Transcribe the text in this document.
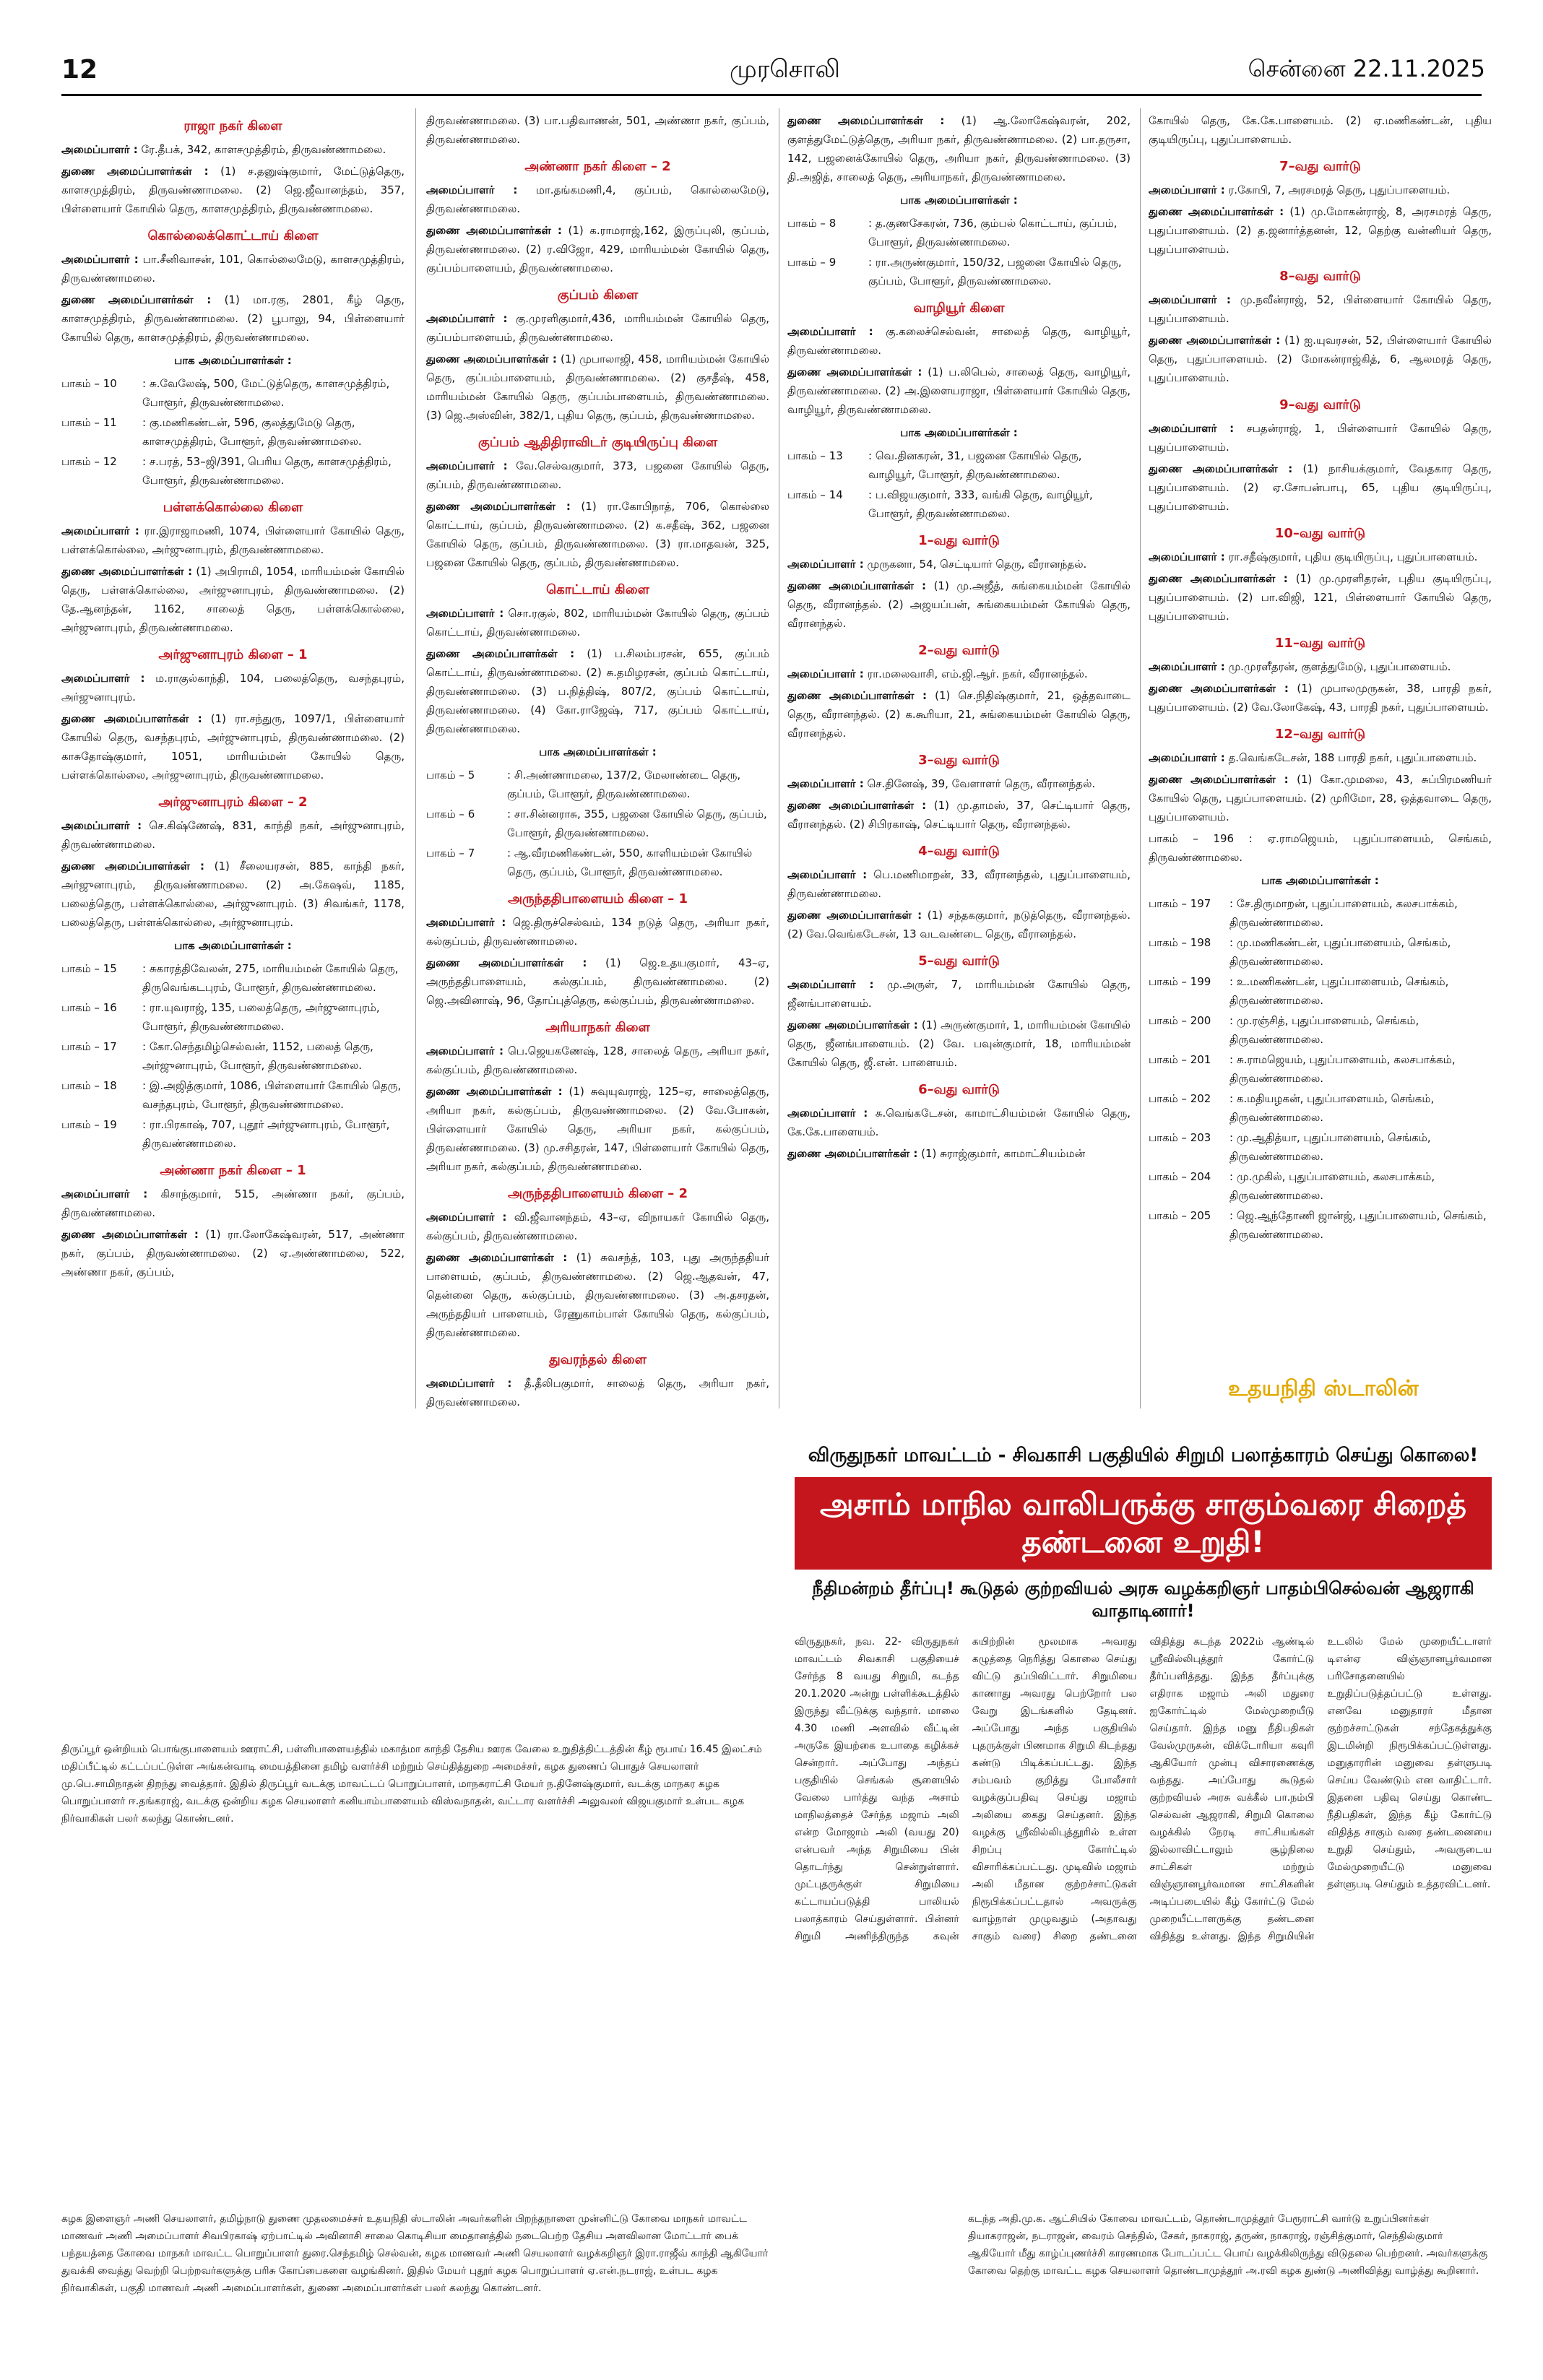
12	முரசொலி	சென்னை 22.11.2025
ராஜா நகர் கிளை
அமைப்பாளர் : ரே.தீபக், 342, காளசமுத்திரம், திருவண்ணாமலை.
துணை அமைப்பாளர்கள் : (1) ச.தனுஷ்குமார், மேட்டுத்தெரு, காளசமுத்திரம், திருவண்ணாமலை. (2) ஜெ.ஜீவானந்தம், 357, பிள்ளையார் கோயில் தெரு, காளசமுத்திரம், திருவண்ணாமலை.
கொல்லைக்கொட்டாய் கிளை
அமைப்பாளர் : பா.சீனிவாசன், 101, கொல்லைமேடு, காளசமுத்திரம், திருவண்ணாமலை.
துணை அமைப்பாளர்கள் : (1) மா.ரகு, 2801, கீழ் தெரு, காளசமுத்திரம், திருவண்ணாமலை. (2) பூபாலு, 94, பிள்ளையார் கோயில் தெரு, காளசமுத்திரம், திருவண்ணாமலை.
பாக அமைப்பாளர்கள் :
பாகம் – 10	: சு.வேலேஷ், 500, மேட்டுத்தெரு, காளசமுத்திரம், போளூர், திருவண்ணாமலை.
பாகம் – 11	: கு.மணிகண்டன், 596, குலத்துமேடு தெரு, காளசமுத்திரம், போளூர், திருவண்ணாமலை.
பாகம் – 12	: ச.பரத், 53–ஜி/391, பெரிய தெரு, காளசமுத்திரம், போளூர், திருவண்ணாமலை.
பள்ளக்கொல்லை கிளை
அமைப்பாளர் : ரா.இராஜாமணி, 1074, பிள்ளையார் கோயில் தெரு, பள்ளக்கொல்லை, அர்ஜுனாபுரம், திருவண்ணாமலை.
துணை அமைப்பாளர்கள் : (1) அபிராமி, 1054, மாரியம்மன் கோயில் தெரு, பள்ளக்கொல்லை, அர்ஜுனாபுரம், திருவண்ணாமலை. (2) தே.ஆனந்தன், 1162, சாலைத் தெரு, பள்ளக்கொல்லை, அர்ஜுனாபுரம், திருவண்ணாமலை.
அர்ஜுனாபுரம் கிளை – 1
அமைப்பாளர் : ம.ராகுல்காந்தி, 104, பலைத்தெரு, வசந்தபுரம், அர்ஜுனாபுரம்.
துணை அமைப்பாளர்கள் : (1) ரா.சந்துரு, 1097/1, பிள்ளையார் கோயில் தெரு, வசந்தபுரம், அர்ஜுனாபுரம், திருவண்ணாமலை. (2) காசுதோஷ்குமார், 1051, மாரியம்மன் கோயில் தெரு, பள்ளக்கொல்லை, அர்ஜுனாபுரம், திருவண்ணாமலை.
அர்ஜுனாபுரம் கிளை – 2
அமைப்பாளர் : செ.கிஷ்ணேஷ், 831, காந்தி நகர், அர்ஜுனாபுரம், திருவண்ணாமலை.
துணை அமைப்பாளர்கள் : (1) சீலையரசன், 885, காந்தி நகர், அர்ஜுனாபுரம், திருவண்ணாமலை. (2) அ.கேஷவ், 1185, பலைத்தெரு, பள்ளக்கொல்லை, அர்ஜுனாபுரம். (3) சிவங்கர், 1178, பலைத்தெரு, பள்ளக்கொல்லை, அர்ஜுனாபுரம்.
பாக அமைப்பாளர்கள் :
பாகம் – 15	: சுகாரத்திவேலன், 275, மாரியம்மன் கோயில் தெரு, திருவெங்கடபுரம், போளூர், திருவண்ணாமலை.
பாகம் – 16	: ரா.யுவராஜ், 135, பலைத்தெரு, அர்ஜுனாபுரம், போளூர், திருவண்ணாமலை.
பாகம் – 17	: கோ.செந்தமிழ்செல்வன், 1152, பலைத் தெரு, அர்ஜுனாபுரம், போளூர், திருவண்ணாமலை.
பாகம் – 18	: இ.அஜித்குமார், 1086, பிள்ளையார் கோயில் தெரு, வசந்தபுரம், போளூர், திருவண்ணாமலை.
பாகம் – 19	: ரா.பிரகாஷ், 707, புதூர் அர்ஜுனாபுரம், போளூர், திருவண்ணாமலை.
அண்ணா நகர் கிளை – 1
அமைப்பாளர் : கிசாந்குமார், 515, அண்ணா நகர், குப்பம், திருவண்ணாமலை.
துணை அமைப்பாளர்கள் : (1) ரா.லோகேஷ்வரன், 517, அண்ணா நகர், குப்பம், திருவண்ணாமலை. (2) ஏ.அண்ணாமலை, 522, அண்ணா நகர், குப்பம்,
திருவண்ணாமலை. (3) பா.பதிவாணன், 501, அண்ணா நகர், குப்பம், திருவண்ணாமலை.
அண்ணா நகர் கிளை – 2
அமைப்பாளர் : மா.தங்கமணி,4, குப்பம், கொல்லைமேடு, திருவண்ணாமலை.
துணை அமைப்பாளர்கள் : (1) க.ராமராஜ்,162, இருப்புலி, குப்பம், திருவண்ணாமலை. (2) ர.விஜோ, 429, மாரியம்மன் கோயில் தெரு, குப்பம்பாளையம், திருவண்ணாமலை.
குப்பம் கிளை
அமைப்பாளர் : கு.முரளிகுமார்,436, மாரியம்மன் கோயில் தெரு, குப்பம்பாளையம், திருவண்ணாமலை.
துணை அமைப்பாளர்கள் : (1) முபாலாஜி, 458, மாரியம்மன் கோயில் தெரு, குப்பம்பாளையம், திருவண்ணாமலை. (2) குசதீஷ், 458, மாரியம்மன் கோயில் தெரு, குப்பம்பாளையம், திருவண்ணாமலை. (3) ஜெ.அஸ்வின், 382/1, புதிய தெரு, குப்பம், திருவண்ணாமலை.
குப்பம் ஆதிதிராவிடர் குடியிருப்பு கிளை
அமைப்பாளர் : வே.செல்வகுமார், 373, பஜனை கோயில் தெரு, குப்பம், திருவண்ணாமலை.
துணை அமைப்பாளர்கள் : (1) ரா.கோபிநாத், 706, கொல்லை கொட்டாய், குப்பம், திருவண்ணாமலை. (2) க.சதீஷ், 362, பஜனை கோயில் தெரு, குப்பம், திருவண்ணாமலை. (3) ரா.மாதவன், 325, பஜனை கோயில் தெரு, குப்பம், திருவண்ணாமலை.
கொட்டாய் கிளை
அமைப்பாளர் : சொ.ரகுல், 802, மாரியம்மன் கோயில் தெரு, குப்பம் கொட்டாய், திருவண்ணாமலை.
துணை அமைப்பாளர்கள் : (1) ப.சிலம்பரசன், 655, குப்பம் கொட்டாய், திருவண்ணாமலை. (2) சு.தமிழரசன், குப்பம் கொட்டாய், திருவண்ணாமலை. (3) ப.நித்திஷ், 807/2, குப்பம் கொட்டாய், திருவண்ணாமலை. (4) கோ.ராஜேஷ், 717, குப்பம் கொட்டாய், திருவண்ணாமலை.
பாக அமைப்பாளர்கள் :
பாகம் – 5	: சி.அண்ணாமலை, 137/2, மேலாண்டை தெரு, குப்பம், போளூர், திருவண்ணாமலை.
பாகம் – 6	: சா.சின்னராசு, 355, பஜனை கோயில் தெரு, குப்பம், போளூர், திருவண்ணாமலை.
பாகம் – 7	: ஆ.வீரமணிகண்டன், 550, காளியம்மன் கோயில் தெரு, குப்பம், போளூர், திருவண்ணாமலை.
அருந்ததிபாளையம் கிளை – 1
அமைப்பாளர் : ஜெ.திருச்செல்வம், 134 நடுத் தெரு, அரியா நகர், கல்குப்பம், திருவண்ணாமலை.
துணை அமைப்பாளர்கள் : (1) ஜெ.உதயகுமார், 43–ஏ, அருந்ததிபாளையம், கல்குப்பம், திருவண்ணாமலை. (2) ஜெ.அவினாஷ், 96, தோப்புத்தெரு, கல்குப்பம், திருவண்ணாமலை.
அரியாநகர் கிளை
அமைப்பாளர் : பெ.ஜெயகணேஷ், 128, சாலைத் தெரு, அரியா நகர், கல்குப்பம், திருவண்ணாமலை.
துணை அமைப்பாளர்கள் : (1) சுவுயுவராஜ், 125–ஏ, சாலைத்தெரு, அரியா நகர், கல்குப்பம், திருவண்ணாமலை. (2) வே.போகன், பிள்ளையார் கோயில் தெரு, அரியா நகர், கல்குப்பம், திருவண்ணாமலை. (3) மு.சசிதரன், 147, பிள்ளையார் கோயில் தெரு, அரியா நகர், கல்குப்பம், திருவண்ணாமலை.
அருந்ததிபாளையம் கிளை – 2
அமைப்பாளர் : வி.ஜீவானந்தம், 43–ஏ, விநாயகர் கோயில் தெரு, கல்குப்பம், திருவண்ணாமலை.
துணை அமைப்பாளர்கள் : (1) சுவசந்த், 103, புது அருந்ததியர் பாளையம், குப்பம், திருவண்ணாமலை. (2) ஜெ.ஆதவன், 47, தென்னை தெரு, கல்குப்பம், திருவண்ணாமலை. (3) அ.தசரதன், அருந்ததியர் பாளையம், ரேணுகாம்பாள் கோயில் தெரு, கல்குப்பம், திருவண்ணாமலை.
துவரந்தல் கிளை
அமைப்பாளர் : தீ.தீலிபகுமார், சாலைத் தெரு, அரியா நகர், திருவண்ணாமலை.
துணை அமைப்பாளர்கள் : (1) ஆ.லோகேஷ்வரன், 202, குளத்துமேட்டுத்தெரு, அரியா நகர், திருவண்ணாமலை. (2) பா.தருசா, 142, பஜனைக்கோயில் தெரு, அரியா நகர், திருவண்ணாமலை. (3) தி.அஜித், சாலைத் தெரு, அரியாநகர், திருவண்ணாமலை.
பாக அமைப்பாளர்கள் :
பாகம் – 8	: த.குணசேகரன், 736, கும்பல் கொட்டாய், குப்பம், போளூர், திருவண்ணாமலை.
பாகம் – 9	: ரா.அருண்குமார், 150/32, பஜனை கோயில் தெரு, குப்பம், போளூர், திருவண்ணாமலை.
வாழியூர் கிளை
அமைப்பாளர் : கு.கலைச்செல்வன், சாலைத் தெரு, வாழியூர், திருவண்ணாமலை.
துணை அமைப்பாளர்கள் : (1) ப.லிபெல், சாலைத் தெரு, வாழியூர், திருவண்ணாமலை. (2) அ.இளையராஜா, பிள்ளையார் கோயில் தெரு, வாழியூர், திருவண்ணாமலை.
பாக அமைப்பாளர்கள் :
பாகம் – 13	: வெ.தினகரன், 31, பஜனை கோயில் தெரு, வாழியூர், போளூர், திருவண்ணாமலை.
பாகம் – 14	: ப.விஜயகுமார், 333, வங்கி தெரு, வாழியூர், போளூர், திருவண்ணாமலை.
1–வது வார்டு
அமைப்பாளர் : முருகனா, 54, செட்டியார் தெரு, வீரானந்தல்.
துணை அமைப்பாளர்கள் : (1) மு.அஜீத், சுங்கையம்மன் கோயில் தெரு, வீரானந்தல். (2) அஜயப்பன், சுங்கையம்மன் கோயில் தெரு, வீரானந்தல்.
2–வது வார்டு
அமைப்பாளர் : ரா.மலைவாசி, எம்.ஜி.ஆர். நகர், வீரானந்தல்.
துணை அமைப்பாளர்கள் : (1) செ.நிதிஷ்குமார், 21, ஒத்தவாடை தெரு, வீரானந்தல். (2) க.கூரியா, 21, சுங்கையம்மன் கோயில் தெரு, வீரானந்தல்.
3–வது வார்டு
அமைப்பாளர் : செ.தினேஷ், 39, வேளாளர் தெரு, வீரானந்தல்.
துணை அமைப்பாளர்கள் : (1) மு.தாமஸ், 37, செட்டியார் தெரு, வீரானந்தல். (2) சிபிரகாஷ், செட்டியார் தெரு, வீரானந்தல்.
4–வது வார்டு
அமைப்பாளர் : பெ.மணிமாறன், 33, வீரானந்தல், புதுப்பாளையம், திருவண்ணாமலை.
துணை அமைப்பாளர்கள் : (1) சந்தககுமார், நடுத்தெரு, வீரானந்தல். (2) வே.வெங்கடேசன், 13 வடவண்டை தெரு, வீரானந்தல்.
5–வது வார்டு
அமைப்பாளர் : மு.அருள், 7, மாரியம்மன் கோயில் தெரு, ஜீனங்பாளையம்.
துணை அமைப்பாளர்கள் : (1) அருண்குமார், 1, மாரியம்மன் கோயில் தெரு, ஜீனங்பாளையம். (2) வே. பவுன்குமார், 18, மாரியம்மன் கோயில் தெரு, ஜீ.என். பாளையம்.
6–வது வார்டு
அமைப்பாளர் : சு.வெங்கடேசன், காமாட்சியம்மன் கோயில் தெரு, கே.கே.பாளையம்.
துணை அமைப்பாளர்கள் : (1) சுராஜ்குமார், காமாட்சியம்மன்
கோயில் தெரு, கே.கே.பாளையம். (2) ஏ.மணிகண்டன், புதிய குடியிருப்பு, புதுப்பாளையம்.
7–வது வார்டு
அமைப்பாளர் : ர.கோபி, 7, அரசமரத் தெரு, புதுப்பாளையம்.
துணை அமைப்பாளர்கள் : (1) மு.மோகன்ராஜ், 8, அரசமரத் தெரு, புதுப்பாளையம். (2) த.ஜனார்த்தனன், 12, தெற்கு வன்னியர் தெரு, புதுப்பாளையம்.
8–வது வார்டு
அமைப்பாளர் : மு.நவீன்ராஜ், 52, பிள்ளையார் கோயில் தெரு, புதுப்பாளையம்.
துணை அமைப்பாளர்கள் : (1) ஐ.யுவரசன், 52, பிள்ளையார் கோயில் தெரு, புதுப்பாளையம். (2) மோகன்ராஜ்கித், 6, ஆலமரத் தெரு, புதுப்பாளையம்.
9–வது வார்டு
அமைப்பாளர் : சபதன்ராஜ், 1, பிள்ளையார் கோயில் தெரு, புதுப்பாளையம்.
துணை அமைப்பாளர்கள் : (1) நாசியக்குமார், வேதகார தெரு, புதுப்பாளையம். (2) ஏ.சோபன்பாபு, 65, புதிய குடியிருப்பு, புதுப்பாளையம்.
10–வது வார்டு
அமைப்பாளர் : ரா.சதீஷ்குமார், புதிய குடியிருப்பு, புதுப்பாளையம்.
துணை அமைப்பாளர்கள் : (1) மு.முரளிதரன், புதிய குடியிருப்பு, புதுப்பாளையம். (2) பா.விஜி, 121, பிள்ளையார் கோயில் தெரு, புதுப்பாளையம்.
11–வது வார்டு
அமைப்பாளர் : மு.முரளீதரன், குளத்துமேடு, புதுப்பாளையம்.
துணை அமைப்பாளர்கள் : (1) முபாலமுருகன், 38, பாரதி நகர், புதுப்பாளையம். (2) வே.லோகேஷ், 43, பாரதி நகர், புதுப்பாளையம்.
12–வது வார்டு
அமைப்பாளர் : த.வெங்கடேசன், 188 பாரதி நகர், புதுப்பாளையம்.
துணை அமைப்பாளர்கள் : (1) கோ.முமலை, 43, சுப்பிரமணியர் கோயில் தெரு, புதுப்பாளையம். (2) முரிமோ, 28, ஒத்தவாடை தெரு, புதுப்பாளையம்.
பாகம் – 196 : ஏ.ராமஜெயம், புதுப்பாளையம், செங்கம், திருவண்ணாமலை.
பாக அமைப்பாளர்கள் :
பாகம் – 197	: சே.திருமாறன், புதுப்பாளையம், கலசபாக்கம், திருவண்ணாமலை.
பாகம் – 198	: மு.மணிகண்டன், புதுப்பாளையம், செங்கம், திருவண்ணாமலை.
பாகம் – 199	: உ.மணிகண்டன், புதுப்பாளையம், செங்கம், திருவண்ணாமலை.
பாகம் – 200	: மு.ரஞ்சித், புதுப்பாளையம், செங்கம், திருவண்ணாமலை.
பாகம் – 201	: சு.ராமஜெயம், புதுப்பாளையம், கலசபாக்கம், திருவண்ணாமலை.
பாகம் – 202	: க.மதியழகன், புதுப்பாளையம், செங்கம், திருவண்ணாமலை.
பாகம் – 203	: மு.ஆதித்யா, புதுப்பாளையம், செங்கம், திருவண்ணாமலை.
பாகம் – 204	: மு.முகில், புதுப்பாளையம், கலசபாக்கம், திருவண்ணாமலை.
பாகம் – 205	: ஜெ.ஆந்தோணி ஜான்ஜ், புதுப்பாளையம், செங்கம், திருவண்ணாமலை.
உதயநிதி ஸ்டாலின்
விருதுநகர் மாவட்டம் - சிவகாசி பகுதியில் சிறுமி பலாத்காரம் செய்து கொலை!
அசாம் மாநில வாலிபருக்கு சாகும்வரை சிறைத் தண்டனை உறுதி!
நீதிமன்றம் தீர்ப்பு! கூடுதல் குற்றவியல் அரசு வழக்கறிஞர் பாதம்பிசெல்வன் ஆஜராகி வாதாடினார்!
விருதுநகர், நவ. 22- விருதுநகர் மாவட்டம் சிவகாசி பகுதியைச் சேர்ந்த 8 வயது சிறுமி, கடந்த 20.1.2020 அன்று பள்ளிக்கூடத்தில் இருந்து வீட்டுக்கு வந்தார். மாலை 4.30 மணி அளவில் வீட்டின் அருகே இயற்கை உபாதை கழிக்கச் சென்றார். அப்போது அந்தப் பகுதியில் செங்கல் சூளையில் வேலை பார்த்து வந்த அசாம் மாநிலத்தைச் சேர்ந்த மஜாம் அலி என்ற மோஜாம் அலி (வயது 20) என்பவர் அந்த சிறுமியை பின் தொடர்ந்து சென்றுள்ளார். முட்புதருக்குள் சிறுமியை கட்டாயப்படுத்தி பாலியல் பலாத்காரம் செய்துள்ளார். பின்னர் சிறுமி அணிந்திருந்த கவுன் கயிற்றின் மூலமாக அவரது கழுத்தை நெரித்து கொலை செய்து விட்டு தப்பிவிட்டார். சிறுமியை காணாது அவரது பெற்றோர் பல வேறு இடங்களில் தேடினர். அப்போது அந்த பகுதியில் புதருக்குள் பிணமாக சிறுமி கிடந்தது கண்டு பிடிக்கப்பட்டது. இந்த சம்பவம் குறித்து போலீசார் வழக்குப்பதிவு செய்து மஜாம் அலியை கைது செய்தனர். இந்த வழக்கு ஸ்ரீவில்லிபுத்தூரில் உள்ள சிறப்பு கோர்ட்டில் விசாரிக்கப்பட்டது. முடிவில் மஜாம் அலி மீதான குற்றச்சாட்டுகள் நிரூபிக்கப்பட்டதால் அவருக்கு வாழ்நாள் முழுவதும் (அதாவது சாகும் வரை) சிறை தண்டனை விதித்து கடந்த 2022ம் ஆண்டில் ஸ்ரீவில்லிபுத்தூர் கோர்ட்டு தீர்ப்பளித்தது. இந்த தீர்ப்புக்கு எதிராக மஜாம் அலி மதுரை ஐகோர்ட்டில் மேல்முறையீடு செய்தார். இந்த மனு நீதிபதிகள் வேல்முருகன், விக்டோரியா கவுரி ஆகியோர் முன்பு விசாரணைக்கு வந்தது. அப்போது கூடுதல் குற்றவியல் அரசு வக்கீல் பா.நம்பி செல்வன் ஆஜராகி, சிறுமி கொலை வழக்கில் நேரடி சாட்சியங்கள் இல்லாவிட்டாலும் சூழ்நிலை சாட்சிகள் மற்றும் விஞ்ஞானபூர்வமான சாட்சிகளின் அடிப்படையில் கீழ் கோர்ட்டு மேல் முறையீட்டாளருக்கு தண்டனை விதித்து உள்ளது. இந்த சிறுமியின் உடலில் மேல் முறையீட்டாளர் டிஎன்ஏ விஞ்ஞானபூர்வமான பரிசோதனையில் உறுதிப்படுத்தப்பட்டு உள்ளது. எனவே மனுதாரர் மீதான குற்றச்சாட்டுகள் சந்தேகத்துக்கு இடமின்றி நிரூபிக்கப்பட்டுள்ளது. மனுதாரரின் மனுவை தள்ளுபடி செய்ய வேண்டும் என வாதிட்டார். இதனை பதிவு செய்து கொண்ட நீதிபதிகள், இந்த கீழ் கோர்ட்டு விதித்த சாகும் வரை தண்டனையை உறுதி செய்தும், அவருடைய மேல்முறையீட்டு மனுவை தள்ளுபடி செய்தும் உத்தரவிட்டனர்.
திருப்பூர் ஒன்றியம் பொங்குபாளையம் ஊராட்சி, பள்ளிபாளையத்தில் மகாத்மா காந்தி தேசிய ஊரக வேலை உறுதித்திட்டத்தின் கீழ் ரூபாய் 16.45 இலட்சம் மதிப்பீட்டில் கட்டப்பட்டுள்ள அங்கன்வாடி மையத்தினை தமிழ் வளர்ச்சி மற்றும் செய்தித்துறை அமைச்சர், கழக துணைப் பொதுச் செயலாளர் மு.பெ.சாமிநாதன் திறந்து வைத்தார். இதில் திருப்பூர் வடக்கு மாவட்டப் பொறுப்பாளர், மாநகராட்சி மேயர் ந.தினேஷ்குமார், வடக்கு மாநகர கழக பொறுப்பாளர் ஈ.தங்கராஜ், வடக்கு ஒன்றிய கழக செயலாளர் கனியாம்பாளையம் விஸ்வநாதன், வட்டார வளர்ச்சி அலுவலர் விஜயகுமார் உள்பட கழக நிர்வாகிகள் பலர் கலந்து கொண்டனர்.
கழக இளைஞர் அணி செயலாளர், தமிழ்நாடு துணை முதலமைச்சர் உதயநிதி ஸ்டாலின் அவர்களின் பிறந்தநாளை முன்னிட்டு கோவை மாநகர் மாவட்ட மாணவர் அணி அமைப்பாளர் சிவபிரகாஷ் ஏற்பாட்டில் அவினாசி சாலை கொடிசியா மைதானத்தில் நடைபெற்ற தேசிய அளவிலான மோட்டார் பைக் பந்தயத்தை கோவை மாநகர் மாவட்ட பொறுப்பாளர் துரை.செந்தமிழ் செல்வன், கழக மாணவர் அணி செயலாளர் வழக்கறிஞர் இரா.ராஜீவ் காந்தி ஆகியோர் துவக்கி வைத்து வெற்றி பெற்றவர்களுக்கு பரிசு கோப்பைகளை வழங்கினர். இதில் மேயர் புதூர் கழக பொறுப்பாளர் ஏ.என்.நடராஜ், உள்பட கழக நிர்வாகிகள், பகுதி மாணவர் அணி அமைப்பாளர்கள், துணை அமைப்பாளர்கள் பலர் கலந்து கொண்டனர்.
கடந்த அதி.மு.க. ஆட்சியில் கோவை மாவட்டம், தொண்டாமுத்தூர் பேரூராட்சி வார்டு உறுப்பினர்கள் தியாகராஜன், நடராஜன், வைரம் செந்தில், சேகர், நாகராஜ், தருண், நாகராஜ், ரஞ்சித்குமார், செந்தில்குமார் ஆகியோர் மீது காழ்ப்புணர்ச்சி காரணமாக போடப்பட்ட பொய் வழக்கிலிருந்து விடுதலை பெற்றனர். அவர்களுக்கு கோவை தெற்கு மாவட்ட கழக செயலாளர் தொண்டாமுத்தூர் அ.ரவி கழக துண்டு அணிவித்து வாழ்த்து கூறினார்.
